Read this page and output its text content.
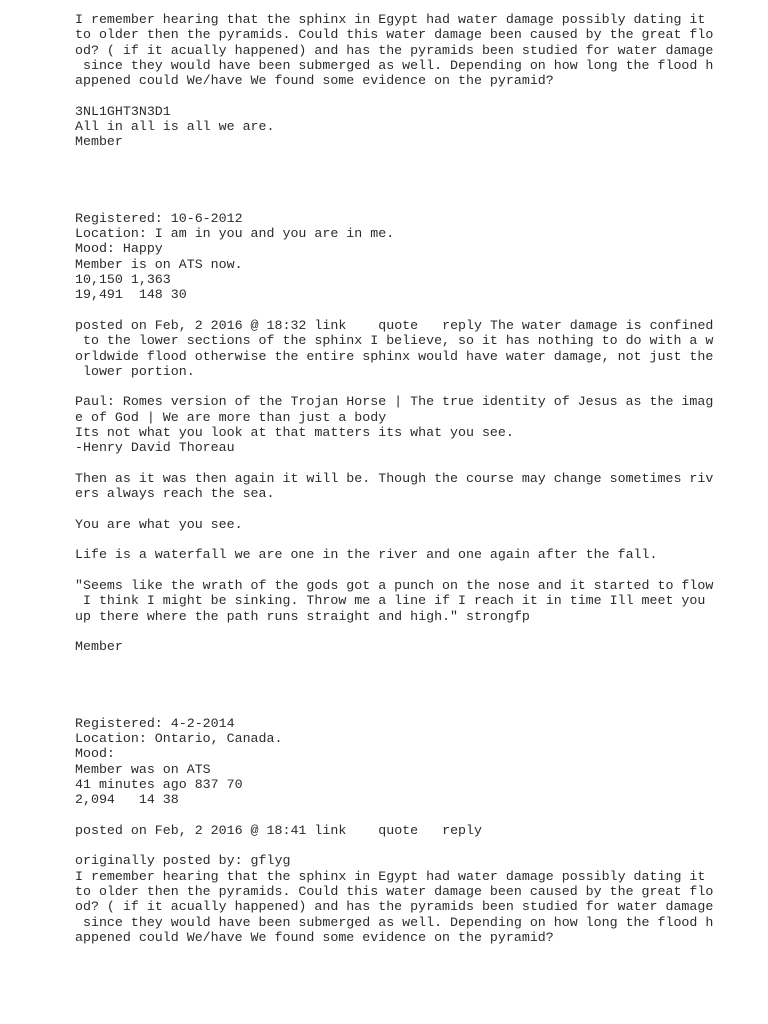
I remember hearing that the sphinx in Egypt had water damage possibly dating it
to older then the pyramids. Could this water damage been caused by the great flo
od? ( if it acually happened) and has the pyramids been studied for water damage
since they would have been submerged as well. Depending on how long the flood h
appened could We/have We found some evidence on the pyramid?
3NL1GHT3N3D1
All in all is all we are.
Member
Registered: 10-6-2012
Location: I am in you and you are in me.
Mood: Happy
Member is on ATS now.
10,150 1,363
19,491  148 30
posted on Feb, 2 2016 @ 18:32 link quote reply The water damage is confined
to the lower sections of the sphinx I believe, so it has nothing to do with a w
orldwide flood otherwise the entire sphinx would have water damage, not just the
lower portion.
Paul: Romes version of the Trojan Horse | The true identity of Jesus as the imag
e of God | We are more than just a body
Its not what you look at that matters its what you see.
-Henry David Thoreau
Then as it was then again it will be. Though the course may change sometimes riv
ers always reach the sea.
You are what you see.
Life is a waterfall we are one in the river and one again after the fall.
"Seems like the wrath of the gods got a punch on the nose and it started to flow
I think I might be sinking. Throw me a line if I reach it in time Ill meet you
up there where the path runs straight and high." strongfp
Member
Registered: 4-2-2014
Location: Ontario, Canada.
Mood:
Member was on ATS
41 minutes ago 837 70
2,094   14 38
posted on Feb, 2 2016 @ 18:41 link quote reply
originally posted by: gflyg
I remember hearing that the sphinx in Egypt had water damage possibly dating it
to older then the pyramids. Could this water damage been caused by the great flo
od? ( if it acually happened) and has the pyramids been studied for water damage
since they would have been submerged as well. Depending on how long the flood h
appened could We/have We found some evidence on the pyramid?
